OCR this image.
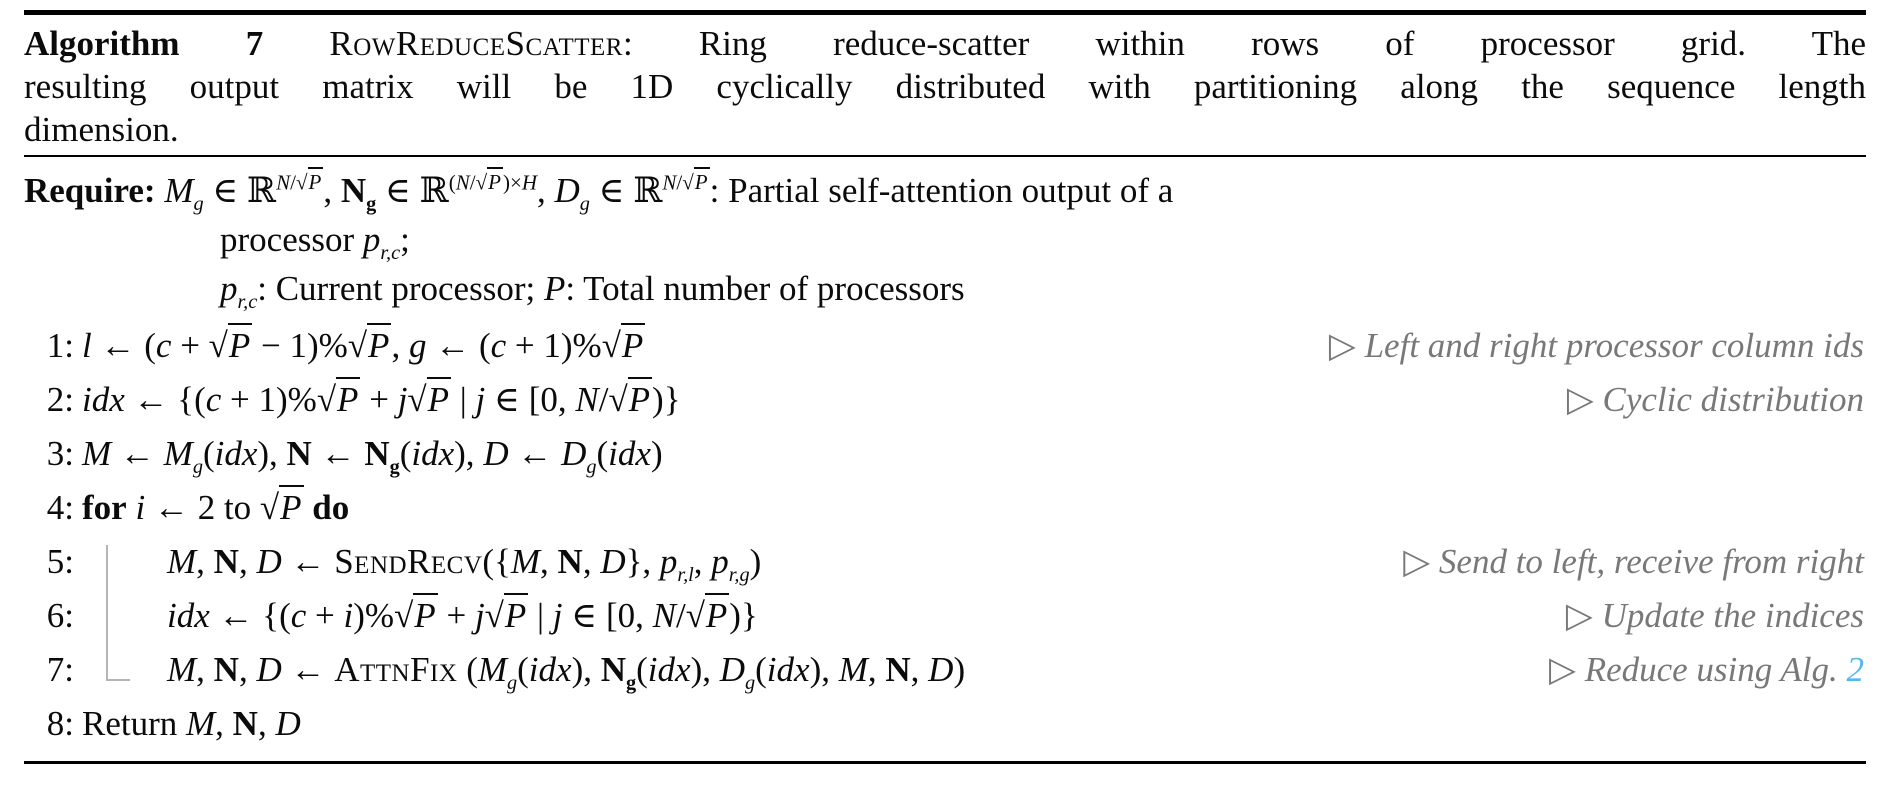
Algorithm 7 RowReduceScatter: Ring reduce-scatter within rows of processor grid. The
resulting output matrix will be 1D cyclically distributed with partitioning along the sequence length
dimension.
Require: $M_g$ ∈ ℝ$^{N/√P}$, $N_g$ ∈ ℝ$^{(N/√P)\times H}$, $D_g$ ∈ ℝ$^{N/√P}$: Partial self-attention output of a
processor $p_{r,c}$;
$p_{r,c}$: Current processor; P: Total number of processors
1: l ← (c + √P − 1)%√P, g ← (c + 1)%√P	▷ Left and right processor column ids
2: idx ← {(c + 1)%√P + j√P | j ∈ [0, N/√P)}	▷ Cyclic distribution
3: M ← $M_g(idx)$, N ← $N_g(idx)$, D ← $D_g(idx)$
4: for i ← 2 to √P do
5:	M, N, D ← SendRecv({M, N, D}, $p_{r,l}$, $p_{r,g}$)	▷ Send to left, receive from right
6:	idx ← {(c + i)%√P + j√P | j ∈ [0, N/√P)}	▷ Update the indices
7:	M, N, D ← AttnFix ($M_g(idx)$, $N_g(idx)$, $D_g(idx)$, M, N, D)	▷ Reduce using Alg. 2
8: Return M, N, D
